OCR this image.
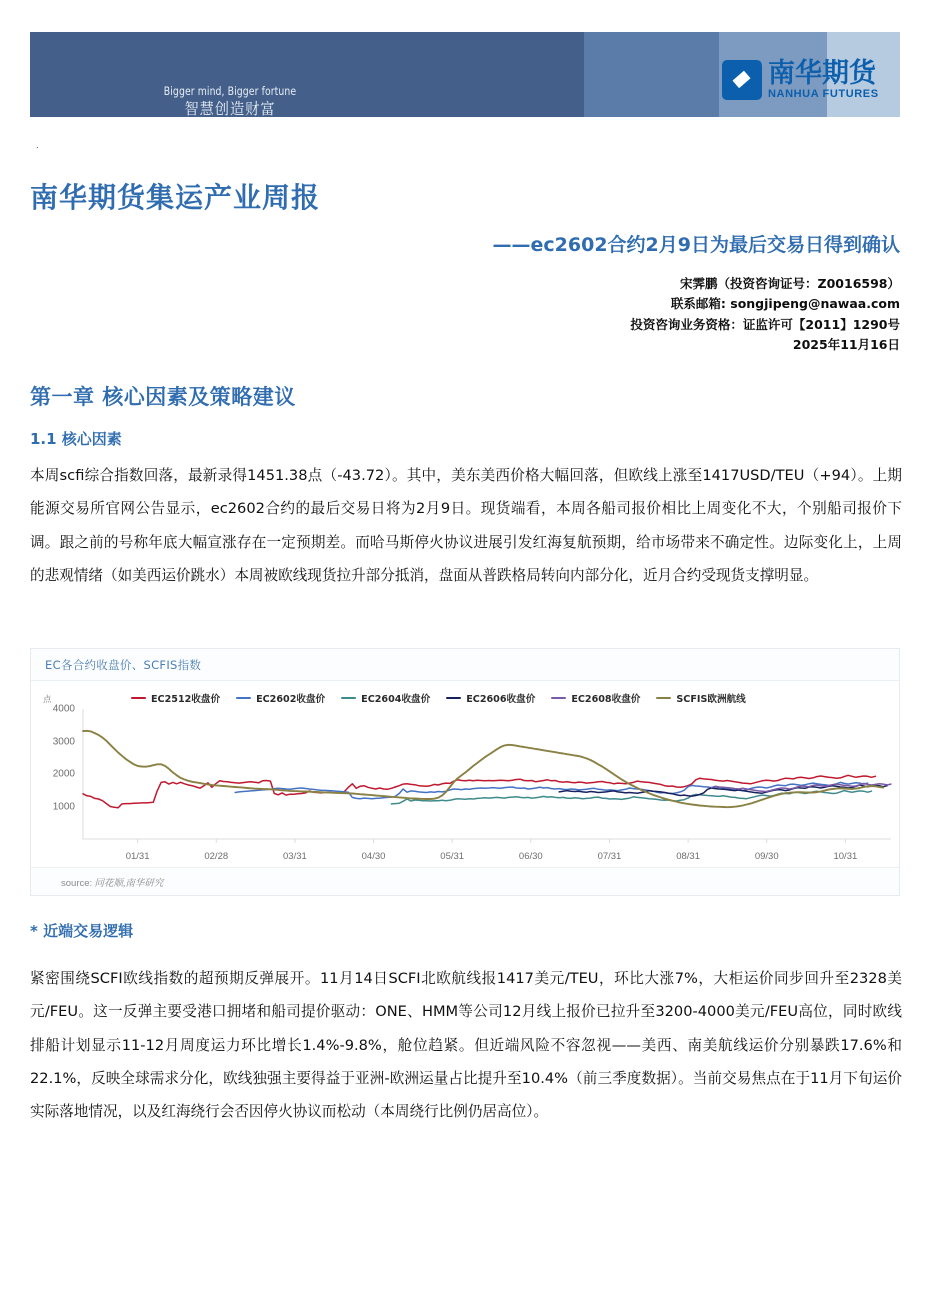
Bigger mind, Bigger fortune
智慧创造财富
南华期货
NANHUA FUTURES
.
南华期货集运产业周报
——ec2602合约2月9日为最后交易日得到确认
宋霁鹏（投资咨询证号：Z0016598）
联系邮箱: songjipeng@nawaa.com
投资咨询业务资格：证监许可【2011】1290号
2025年11月16日
第一章 核心因素及策略建议
1.1 核心因素
本周scfi综合指数回落，最新录得1451.38点（-43.72）。其中，美东美西价格大幅回落，但欧线上涨至1417USD/TEU（+94）。上期能源交易所官网公告显示，ec2602合约的最后交易日将为2月9日。现货端看，本周各船司报价相比上周变化不大，个别船司报价下调。跟之前的号称年底大幅宣涨存在一定预期差。而哈马斯停火协议进展引发红海复航预期，给市场带来不确定性。边际变化上，上周的悲观情绪（如美西运价跳水）本周被欧线现货拉升部分抵消，盘面从普跌格局转向内部分化，近月合约受现货支撑明显。
EC各合约收盘价、SCFIS指数
点	EC2512收盘价	EC2602收盘价	EC2604收盘价	EC2606收盘价	EC2608收盘价	SCFIS欧洲航线
1000
2000
3000
4000
01/31	02/28	03/31	04/30	05/31	06/30	07/31	08/31	09/30	10/31
source: 同花顺,南华研究
* 近端交易逻辑
紧密围绕SCFI欧线指数的超预期反弹展开。11月14日SCFI北欧航线报1417美元/TEU，环比大涨7%，大柜运价同步回升至2328美元/FEU。这一反弹主要受港口拥堵和船司提价驱动：ONE、HMM等公司12月线上报价已拉升至3200-4000美元/FEU高位，同时欧线排船计划显示11-12月周度运力环比增长1.4%-9.8%，舱位趋紧。但近端风险不容忽视——美西、南美航线运价分别暴跌17.6%和22.1%，反映全球需求分化，欧线独强主要得益于亚洲-欧洲运量占比提升至10.4%（前三季度数据）。当前交易焦点在于11月下旬运价实际落地情况，以及红海绕行会否因停火协议而松动（本周绕行比例仍居高位）。
